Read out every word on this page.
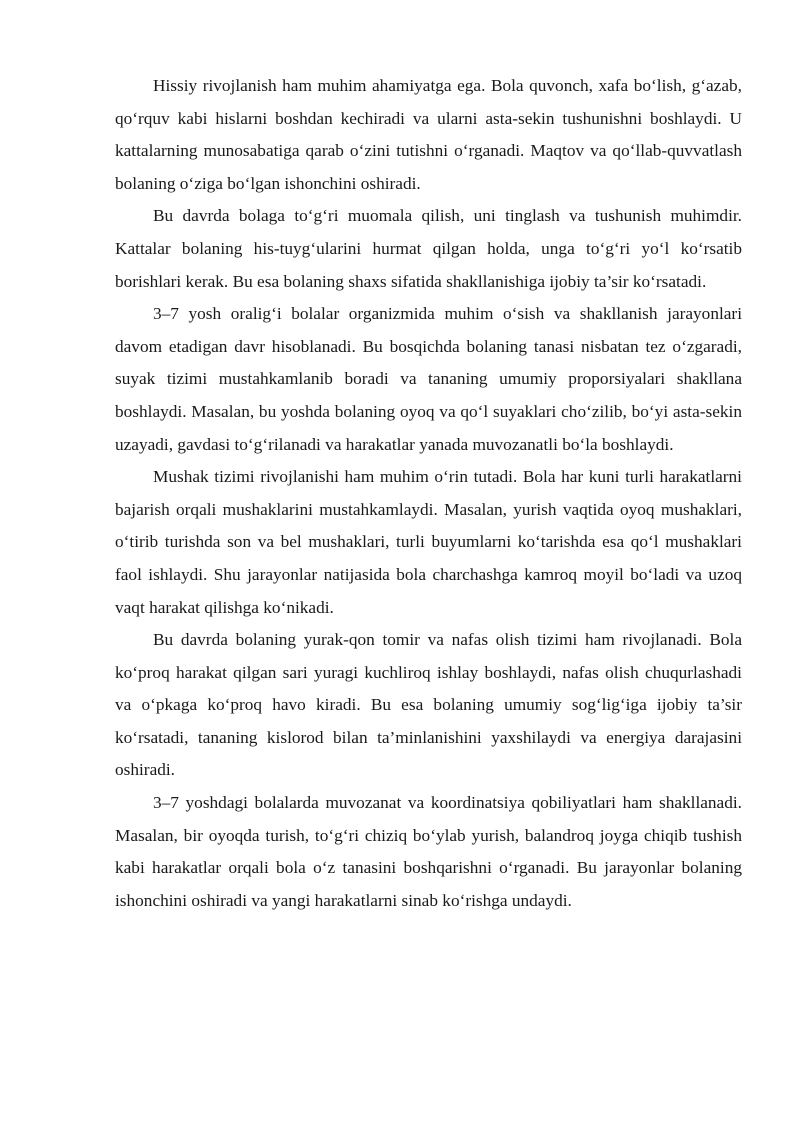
Hissiy rivojlanish ham muhim ahamiyatga ega. Bola quvonch, xafa boʻlish, gʻazab, qoʻrquv kabi hislarni boshdan kechiradi va ularni asta-sekin tushunishni boshlaydi. U kattalarning munosabatiga qarab oʻzini tutishni oʻrganadi. Maqtov va qoʻllab-quvvatlash bolaning oʻziga boʻlgan ishonchini oshiradi.

Bu davrda bolaga toʻgʻri muomala qilish, uni tinglash va tushunish muhimdir. Kattalar bolaning his-tuygʻularini hurmat qilgan holda, unga toʻgʻri yoʻl koʻrsatib borishlari kerak. Bu esa bolaning shaxs sifatida shakllanishiga ijobiy ta’sir koʻrsatadi.

3–7 yosh oraligʻi bolalar organizmida muhim oʻsish va shakllanish jarayonlari davom etadigan davr hisoblanadi. Bu bosqichda bolaning tanasi nisbatan tez oʻzgaradi, suyak tizimi mustahkamlanib boradi va tananing umumiy proporsiyalari shakllana boshlaydi. Masalan, bu yoshda bolaning oyoq va qoʻl suyaklari choʻzilib, boʻyi asta-sekin uzayadi, gavdasi toʻgʻrilanadi va harakatlar yanada muvozanatli boʻla boshlaydi.

Mushak tizimi rivojlanishi ham muhim oʻrin tutadi. Bola har kuni turli harakatlarni bajarish orqali mushaklarini mustahkamlaydi. Masalan, yurish vaqtida oyoq mushaklari, oʻtirib turishda son va bel mushaklari, turli buyumlarni koʻtarishda esa qoʻl mushaklari faol ishlaydi. Shu jarayonlar natijasida bola charchashga kamroq moyil boʻladi va uzoq vaqt harakat qilishga koʻnikadi.

Bu davrda bolaning yurak-qon tomir va nafas olish tizimi ham rivojlanadi. Bola koʻproq harakat qilgan sari yuragi kuchliroq ishlay boshlaydi, nafas olish chuqurlashadi va oʻpkaga koʻproq havo kiradi. Bu esa bolaning umumiy sogʻligʻiga ijobiy ta’sir koʻrsatadi, tananing kislorod bilan ta’minlanishini yaxshilaydi va energiya darajasini oshiradi.

3–7 yoshdagi bolalarda muvozanat va koordinatsiya qobiliyatlari ham shakllanadi. Masalan, bir oyoqda turish, toʻgʻri chiziq boʻylab yurish, balandroq joyga chiqib tushish kabi harakatlar orqali bola oʻz tanasini boshqarishni oʻrganadi. Bu jarayonlar bolaning ishonchini oshiradi va yangi harakatlarni sinab koʻrishga undaydi.
